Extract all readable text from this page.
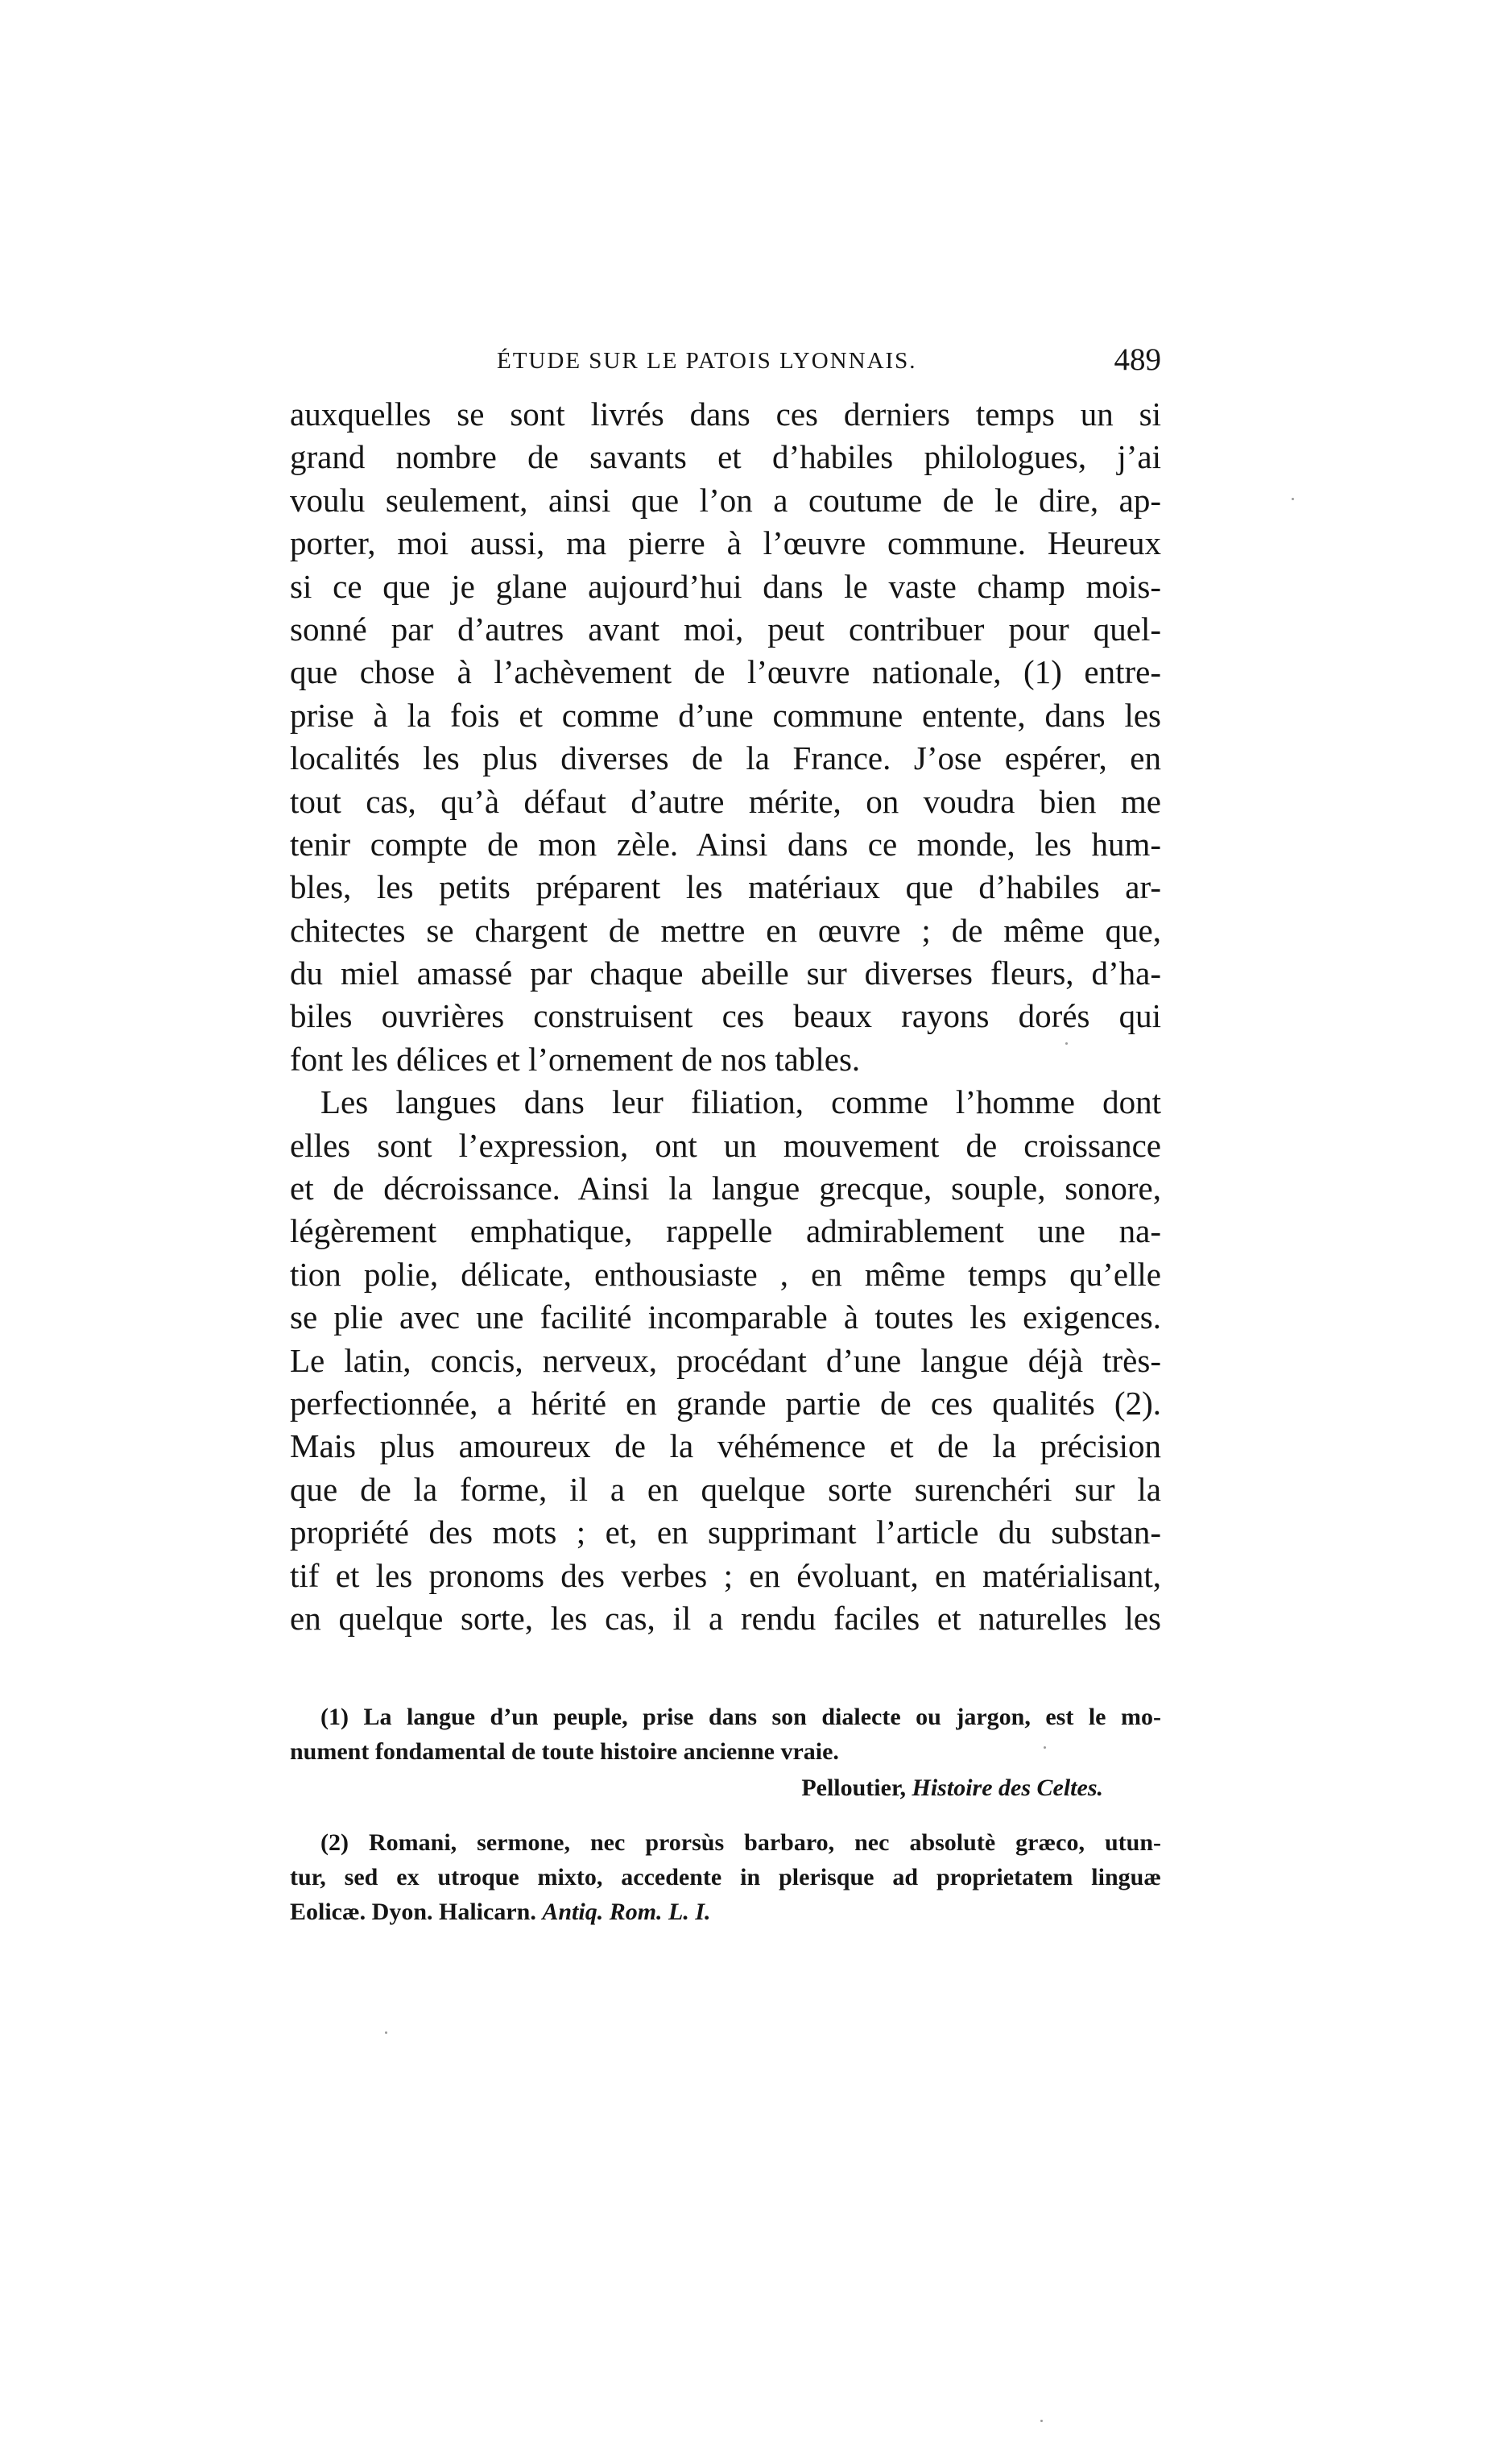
ÉTUDE SUR LE PATOIS LYONNAIS.	489
auxquelles se sont livrés dans ces derniers temps un si
grand nombre de savants et d’habiles philologues, j’ai
voulu seulement, ainsi que l’on a coutume de le dire, ap-
porter, moi aussi, ma pierre à l’œuvre commune. Heureux
si ce que je glane aujourd’hui dans le vaste champ mois-
sonné par d’autres avant moi, peut contribuer pour quel-
que chose à l’achèvement de l’œuvre nationale, (1) entre-
prise à la fois et comme d’une commune entente, dans les
localités les plus diverses de la France. J’ose espérer, en
tout cas, qu’à défaut d’autre mérite, on voudra bien me
tenir compte de mon zèle. Ainsi dans ce monde, les hum-
bles, les petits préparent les matériaux que d’habiles ar-
chitectes se chargent de mettre en œuvre ; de même que,
du miel amassé par chaque abeille sur diverses fleurs, d’ha-
biles ouvrières construisent ces beaux rayons dorés qui
font les délices et l’ornement de nos tables.
Les langues dans leur filiation, comme l’homme dont
elles sont l’expression, ont un mouvement de croissance
et de décroissance. Ainsi la langue grecque, souple, sonore,
légèrement emphatique, rappelle admirablement une na-
tion polie, délicate, enthousiaste , en même temps qu’elle
se plie avec une facilité incomparable à toutes les exigences.
Le latin, concis, nerveux, procédant d’une langue déjà très-
perfectionnée, a hérité en grande partie de ces qualités (2).
Mais plus amoureux de la véhémence et de la précision
que de la forme, il a en quelque sorte surenchéri sur la
propriété des mots ; et, en supprimant l’article du substan-
tif et les pronoms des verbes ; en évoluant, en matérialisant,
en quelque sorte, les cas, il a rendu faciles et naturelles les
(1) La langue d’un peuple, prise dans son dialecte ou jargon, est le mo-
nument fondamental de toute histoire ancienne vraie.
Pelloutier, Histoire des Celtes.
(2) Romani, sermone, nec prorsùs barbaro, nec absolutè græco, utun-
tur, sed ex utroque mixto, accedente in plerisque ad proprietatem linguæ
Eolicæ. Dyon. Halicarn. Antiq. Rom. L. I.
